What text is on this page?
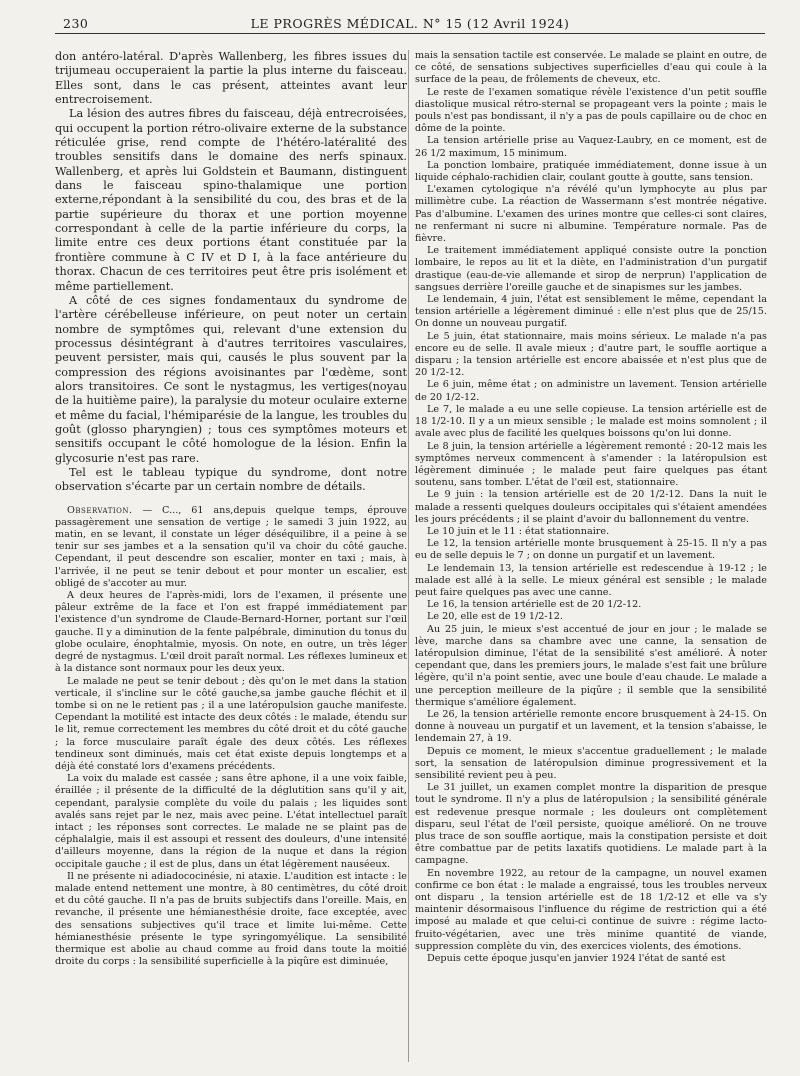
230	LE PROGRÈS MÉDICAL. N° 15 (12 Avril 1924)

don antéro-latéral. D'après Wallenberg, les fibres issues du trijumeau occuperaient la partie la plus interne du faisceau. Elles sont, dans le cas présent, atteintes avant leur entrecroisement.

La lésion des autres fibres du faisceau, déjà entrecroisées, qui occupent la portion rétro-olivaire externe de la substance réticulée grise, rend compte de l'hétéro-latéralité des troubles sensitifs dans le domaine des nerfs spinaux. Wallenberg, et après lui Goldstein et Baumann, distinguent dans le faisceau spino-thalamique une portion externe,répondant à la sensibilité du cou, des bras et de la partie supérieure du thorax et une portion moyenne correspondant à celle de la partie inférieure du corps, la limite entre ces deux portions étant constituée par la frontière commune à C IV et D I, à la face antérieure du thorax. Chacun de ces territoires peut être pris isolément et même partiellement.

A côté de ces signes fondamentaux du syndrome de l'artère cérébelleuse inférieure, on peut noter un certain nombre de symptômes qui, relevant d'une extension du processus désintégrant à d'autres territoires vasculaires, peuvent persister, mais qui, causés le plus souvent par la compression des régions avoisinantes par l'œdème, sont alors transitoires. Ce sont le nystagmus, les vertiges(noyau de la huitième paire), la paralysie du moteur oculaire externe et même du facial, l'hémiparésie de la langue, les troubles du goût (glosso pharyngien) ; tous ces symptômes moteurs et sensitifs occupant le côté homologue de la lésion. Enfin la glycosurie n'est pas rare.

Tel est le tableau typique du syndrome, dont notre observation s'écarte par un certain nombre de détails.

Observation. — C..., 61 ans,depuis quelque temps, éprouve passagèrement une sensation de vertige ; le samedi 3 juin 1922, au matin, en se levant, il constate un léger déséquilibre, il a peine à se tenir sur ses jambes et a la sensation qu'il va choir du côté gauche. Cependant, il peut descendre son escalier, monter en taxi ; mais, à l'arrivée, il ne peut se tenir debout et pour monter un escalier, est obligé de s'accoter au mur.

A deux heures de l'après-midi, lors de l'examen, il présente une pâleur extrême de la face et l'on est frappé immédiatement par l'existence d'un syndrome de Claude-Bernard-Horner, portant sur l'œil gauche. Il y a diminution de la fente palpébrale, diminution du tonus du globe oculaire, énophtalmie, myosis. On note, en outre, un très léger degré de nystagmus. L'œil droit paraît normal. Les réflexes lumineux et à la distance sont normaux pour les deux yeux.

Le malade ne peut se tenir debout ; dès qu'on le met dans la station verticale, il s'incline sur le côté gauche,sa jambe gauche fléchit et il tombe si on ne le retient pas ; il a une latéropulsion gauche manifeste. Cependant la motilité est intacte des deux côtés : le malade, étendu sur le lit, remue correctement les membres du côté droit et du côté gauche ; la force musculaire paraît égale des deux côtés. Les réflexes tendineux sont diminués, mais cet état existe depuis longtemps et a déjà été constaté lors d'examens précédents.

La voix du malade est cassée ; sans être aphone, il a une voix faible, éraillée ; il présente de la difficulté de la déglutition sans qu'il y ait, cependant, paralysie complète du voile du palais ; les liquides sont avalés sans rejet par le nez, mais avec peine. L'état intellectuel paraît intact ; les réponses sont correctes. Le malade ne se plaint pas de céphalalgie, mais il est assoupi et ressent des douleurs, d'une intensité d'ailleurs moyenne, dans la région de la nuque et dans la région occipitale gauche ; il est de plus, dans un état légèrement nauséeux.

Il ne présente ni adiadococinésie, ni ataxie. L'audition est intacte : le malade entend nettement une montre, à 80 centimètres, du côté droit et du côté gauche. Il n'a pas de bruits subjectifs dans l'oreille. Mais, en revanche, il présente une hémianesthésie droite, face exceptée, avec des sensations subjectives qu'il trace et limite lui-même. Cette hémianesthésie présente le type syringomyélique. La sensibilité thermique est abolie au chaud comme au froid dans toute la moitié droite du corps : la sensibilité superficielle à la piqûre est diminuée,

mais la sensation tactile est conservée. Le malade se plaint en outre, de ce côté, de sensations subjectives superficielles d'eau qui coule à la surface de la peau, de frôlements de cheveux, etc.

Le reste de l'examen somatique révèle l'existence d'un petit souffle diastolique musical rétro-sternal se propageant vers la pointe ; mais le pouls n'est pas bondissant, il n'y a pas de pouls capillaire ou de choc en dôme de la pointe.

La tension artérielle prise au Vaquez-Laubry, en ce moment, est de 26 1/2 maximum, 15 minimum.

La ponction lombaire, pratiquée immédiatement, donne issue à un liquide céphalo-rachidien clair, coulant goutte à goutte, sans tension.

L'examen cytologique n'a révélé qu'un lymphocyte au plus par millimètre cube. La réaction de Wassermann s'est montrée négative. Pas d'albumine. L'examen des urines montre que celles-ci sont claires, ne renfermant ni sucre ni albumine. Température normale. Pas de fièvre.

Le traitement immédiatement appliqué consiste outre la ponction lombaire, le repos au lit et la diète, en l'administration d'un purgatif drastique (eau-de-vie allemande et sirop de nerprun) l'application de sangsues derrière l'oreille gauche et de sinapismes sur les jambes.

Le lendemain, 4 juin, l'état est sensiblement le même, cependant la tension artérielle a légèrement diminué : elle n'est plus que de 25/15. On donne un nouveau purgatif.

Le 5 juin, état stationnaire, mais moins sérieux. Le malade n'a pas encore eu de selle. Il avale mieux ; d'autre part, le souffle aortique a disparu ; la tension artérielle est encore abaissée et n'est plus que de 20 1/2-12.

Le 6 juin, même état ; on administre un lavement. Tension artérielle de 20 1/2-12.

Le 7, le malade a eu une selle copieuse. La tension artérielle est de 18 1/2-10. Il y a un mieux sensible ; le malade est moins somnolent ; il avale avec plus de facilité les quelques boissons qu'on lui donne.

Le 8 juin, la tension artérielle a légèrement remonté : 20-12 mais les symptômes nerveux commencent à s'amender : la latéropulsion est légèrement diminuée ; le malade peut faire quelques pas étant soutenu, sans tomber. L'état de l'œil est, stationnaire.

Le 9 juin : la tension artérielle est de 20 1/2-12. Dans la nuit le malade a ressenti quelques douleurs occipitales qui s'étaient amendées les jours précédents ; il se plaint d'avoir du ballonnement du ventre.

Le 10 juin et le 11 : état stationnaire.

Le 12, la tension artérielle monte brusquement à 25-15. Il n'y a pas eu de selle depuis le 7 ; on donne un purgatif et un lavement.

Le lendemain 13, la tension artérielle est redescendue à 19-12 ; le malade est allé à la selle. Le mieux général est sensible ; le malade peut faire quelques pas avec une canne.

Le 16, la tension artérielle est de 20 1/2-12.

Le 20, elle est de 19 1/2-12.

Au 25 juin, le mieux s'est accentué de jour en jour ; le malade se lève, marche dans sa chambre avec une canne, la sensation de latéropulsion diminue, l'état de la sensibilité s'est amélioré. À noter cependant que, dans les premiers jours, le malade s'est fait une brûlure légère, qu'il n'a point sentie, avec une boule d'eau chaude. Le malade a une perception meilleure de la piqûre ; il semble que la sensibilité thermique s'améliore également.

Le 26, la tension artérielle remonte encore brusquement à 24-15. On donne à nouveau un purgatif et un lavement, et la tension s'abaisse, le lendemain 27, à 19.

Depuis ce moment, le mieux s'accentue graduellement ; le malade sort, la sensation de latéropulsion diminue progressivement et la sensibilité revient peu à peu.

Le 31 juillet, un examen complet montre la disparition de presque tout le syndrome. Il n'y a plus de latéropulsion ; la sensibilité générale est redevenue presque normale ; les douleurs ont complètement disparu, seul l'état de l'œil persiste, quoique amélioré. On ne trouve plus trace de son souffle aortique, mais la constipation persiste et doit être combattue par de petits laxatifs quotidiens. Le malade part à la campagne.

En novembre 1922, au retour de la campagne, un nouvel examen confirme ce bon état : le malade a engraissé, tous les troubles nerveux ont disparu , la tension artérielle est de 18 1/2-12 et elle va s'y maintenir désormaisous l'influence du régime de restriction qui a été imposé au malade et que celui-ci continue de suivre : régime lacto-fruito-végétarien, avec une très minime quantité de viande, suppression complète du vin, des exercices violents, des émotions.

Depuis cette époque jusqu'en janvier 1924 l'état de santé est
